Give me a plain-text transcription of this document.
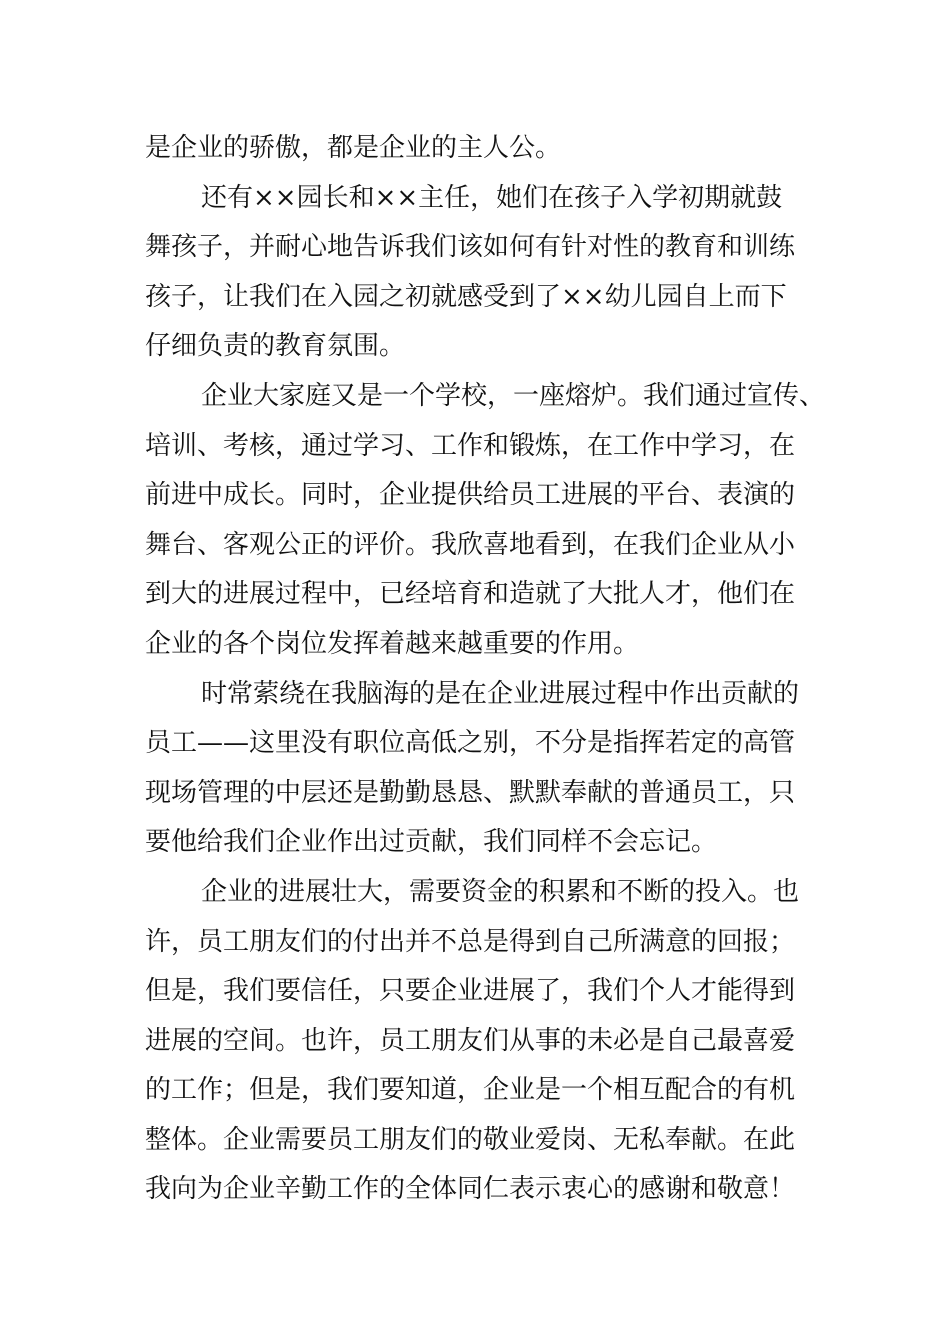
是企业的骄傲，都是企业的主人公。
还有××园长和××主任，她们在孩子入学初期就鼓
舞孩子，并耐心地告诉我们该如何有针对性的教育和训练
孩子，让我们在入园之初就感受到了××幼儿园自上而下
仔细负责的教育氛围。
企业大家庭又是一个学校，一座熔炉。我们通过宣传、
培训、考核，通过学习、工作和锻炼，在工作中学习，在
前进中成长。同时，企业提供给员工进展的平台、表演的
舞台、客观公正的评价。我欣喜地看到，在我们企业从小
到大的进展过程中，已经培育和造就了大批人才，他们在
企业的各个岗位发挥着越来越重要的作用。
时常萦绕在我脑海的是在企业进展过程中作出贡献的
员工——这里没有职位高低之别，不分是指挥若定的高管
现场管理的中层还是勤勤恳恳、默默奉献的普通员工，只
要他给我们企业作出过贡献，我们同样不会忘记。
企业的进展壮大，需要资金的积累和不断的投入。也
许，员工朋友们的付出并不总是得到自己所满意的回报；
但是，我们要信任，只要企业进展了，我们个人才能得到
进展的空间。也许，员工朋友们从事的未必是自己最喜爱
的工作；但是，我们要知道，企业是一个相互配合的有机
整体。企业需要员工朋友们的敬业爱岗、无私奉献。在此
我向为企业辛勤工作的全体同仁表示衷心的感谢和敬意！
